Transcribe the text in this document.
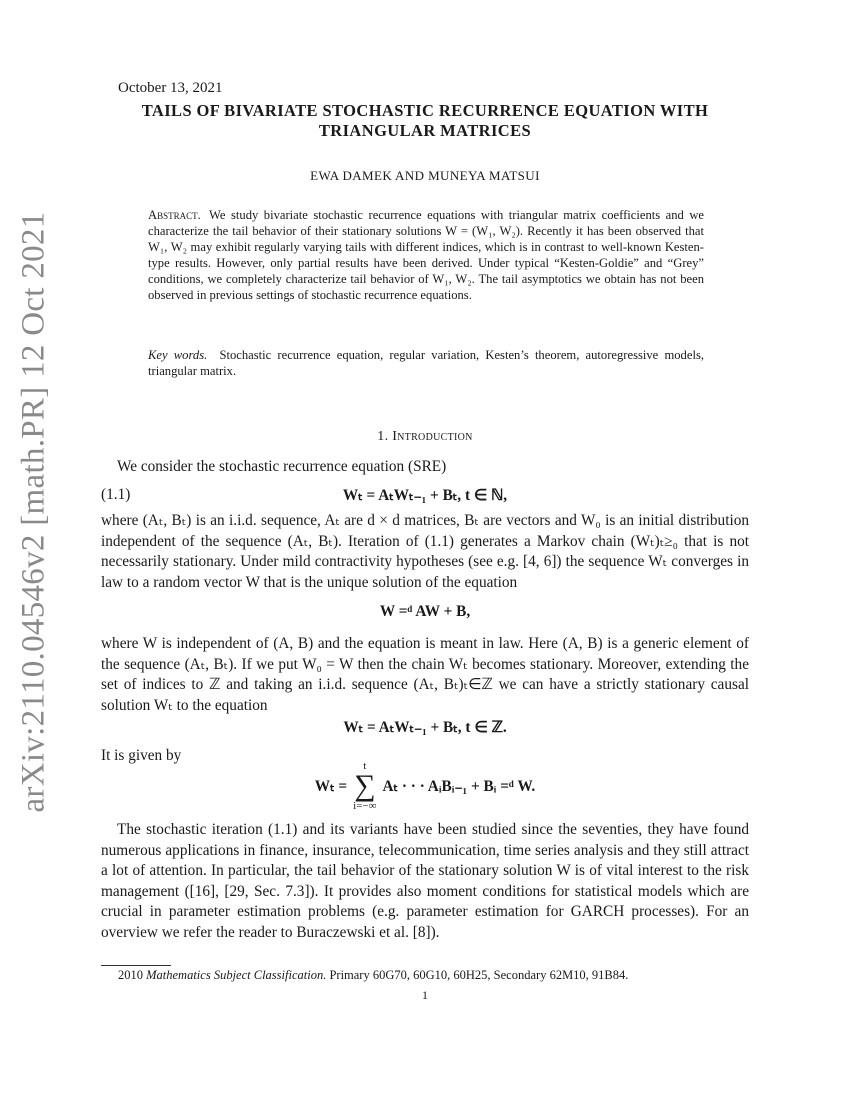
arXiv:2110.04546v2 [math.PR] 12 Oct 2021
October 13, 2021
TAILS OF BIVARIATE STOCHASTIC RECURRENCE EQUATION WITH TRIANGULAR MATRICES
EWA DAMEK AND MUNEYA MATSUI
Abstract. We study bivariate stochastic recurrence equations with triangular matrix coefficients and we characterize the tail behavior of their stationary solutions W = (W₁, W₂). Recently it has been observed that W₁, W₂ may exhibit regularly varying tails with different indices, which is in contrast to well-known Kesten-type results. However, only partial results have been derived. Under typical “Kesten-Goldie” and “Grey” conditions, we completely characterize tail behavior of W₁, W₂. The tail asymptotics we obtain has not been observed in previous settings of stochastic recurrence equations.
Key words. Stochastic recurrence equation, regular variation, Kesten’s theorem, autoregressive models, triangular matrix.
1. Introduction
We consider the stochastic recurrence equation (SRE)
(1.1)	Wₜ = AₜWₜ₋₁ + Bₜ, t ∈ ℕ,
where (Aₜ, Bₜ) is an i.i.d. sequence, Aₜ are d × d matrices, Bₜ are vectors and W₀ is an initial distribution independent of the sequence (Aₜ, Bₜ). Iteration of (1.1) generates a Markov chain (Wₜ)ₜ≥₀ that is not necessarily stationary. Under mild contractivity hypotheses (see e.g. [4, 6]) the sequence Wₜ converges in law to a random vector W that is the unique solution of the equation
W =ᵈ AW + B,
where W is independent of (A, B) and the equation is meant in law. Here (A, B) is a generic element of the sequence (Aₜ, Bₜ). If we put W₀ = W then the chain Wₜ becomes stationary. Moreover, extending the set of indices to ℤ and taking an i.i.d. sequence (Aₜ, Bₜ)ₜ∈ℤ we can have a strictly stationary causal solution Wₜ to the equation
Wₜ = AₜWₜ₋₁ + Bₜ, t ∈ ℤ.
It is given by
Wₜ =
t
∑
i=−∞
Aₜ · · · AᵢBᵢ₋₁ + Bᵢ =ᵈ W.
The stochastic iteration (1.1) and its variants have been studied since the seventies, they have found numerous applications in finance, insurance, telecommunication, time series analysis and they still attract a lot of attention. In particular, the tail behavior of the stationary solution W is of vital interest to the risk management ([16], [29, Sec. 7.3]). It provides also moment conditions for statistical models which are crucial in parameter estimation problems (e.g. parameter estimation for GARCH processes). For an overview we refer the reader to Buraczewski et al. [8]).
2010 Mathematics Subject Classification. Primary 60G70, 60G10, 60H25, Secondary 62M10, 91B84.
1
